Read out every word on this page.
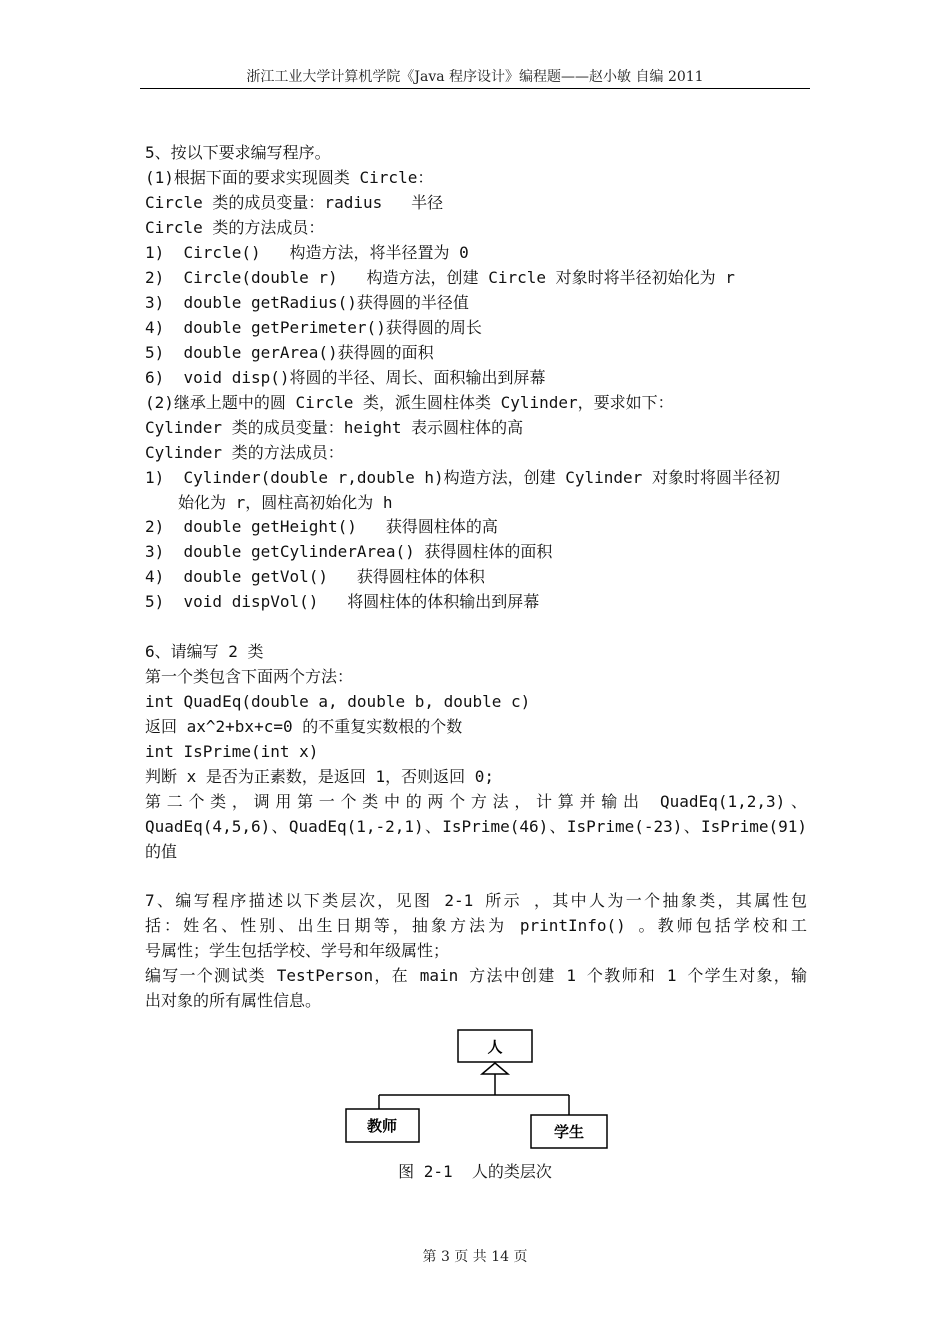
浙江工业大学计算机学院《Java 程序设计》编程题——赵小敏 自编 2011
5、按以下要求编写程序。
(1)根据下面的要求实现圆类 Circle：
Circle 类的成员变量：radius   半径
Circle 类的方法成员：
1)  Circle()   构造方法，将半径置为 0
2)  Circle(double r)   构造方法，创建 Circle 对象时将半径初始化为 r
3)  double getRadius()获得圆的半径值
4)  double getPerimeter()获得圆的周长
5)  double gerArea()获得圆的面积
6)  void disp()将圆的半径、周长、面积输出到屏幕
(2)继承上题中的圆 Circle 类，派生圆柱体类 Cylinder，要求如下：
Cylinder 类的成员变量：height 表示圆柱体的高
Cylinder 类的方法成员：
1)  Cylinder(double r,double h)构造方法，创建 Cylinder 对象时将圆半径初
始化为 r，圆柱高初始化为 h
2)  double getHeight()   获得圆柱体的高
3)  double getCylinderArea() 获得圆柱体的面积
4)  double getVol()   获得圆柱体的体积
5)  void dispVol()   将圆柱体的体积输出到屏幕
6、请编写 2 类
第一个类包含下面两个方法：
int QuadEq(double a, double b, double c)
返回 ax^2+bx+c=0 的不重复实数根的个数
int IsPrime(int x)
判断 x 是否为正素数，是返回 1，否则返回 0;
第二个类，调用第一个类中的两个方法，计算并输出 QuadEq(1,2,3)、
QuadEq(4,5,6)、QuadEq(1,-2,1)、IsPrime(46)、IsPrime(-23)、IsPrime(91)
的值
7、编写程序描述以下类层次，见图 2-1 所示 ，其中人为一个抽象类，其属性包
括：姓名、性别、出生日期等，抽象方法为 printInfo() 。教师包括学校和工
号属性；学生包括学校、学号和年级属性；
编写一个测试类 TestPerson，在 main 方法中创建 1 个教师和 1 个学生对象，输
出对象的所有属性信息。
人
教师	学生
图 2-1  人的类层次
第 3 页 共 14 页
